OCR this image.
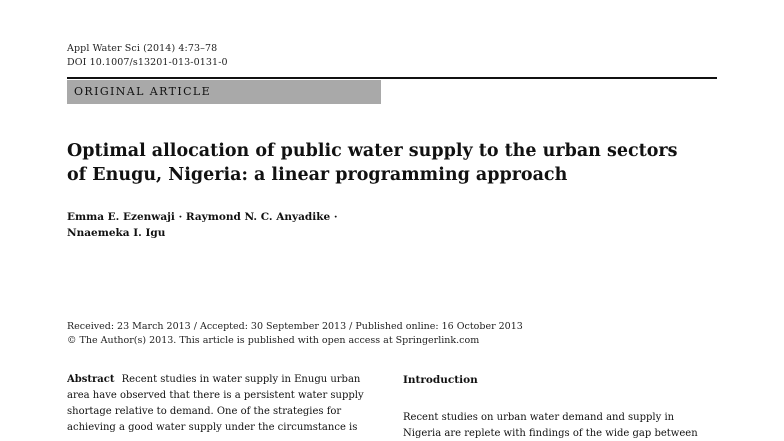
Appl Water Sci (2014) 4:73–78
DOI 10.1007/s13201-013-0131-0
ORIGINAL ARTICLE
Optimal allocation of public water supply to the urban sectors
of Enugu, Nigeria: a linear programming approach
Emma E. Ezenwaji · Raymond N. C. Anyadike ·
Nnaemeka I. Igu
Received: 23 March 2013 / Accepted: 30 September 2013 / Published online: 16 October 2013
© The Author(s) 2013. This article is published with open access at Springerlink.com
Abstract Recent studies in water supply in Enugu urban
area have observed that there is a persistent water supply
shortage relative to demand. One of the strategies for
achieving a good water supply under the circumstance is
Introduction
Recent studies on urban water demand and supply in
Nigeria are replete with findings of the wide gap between
